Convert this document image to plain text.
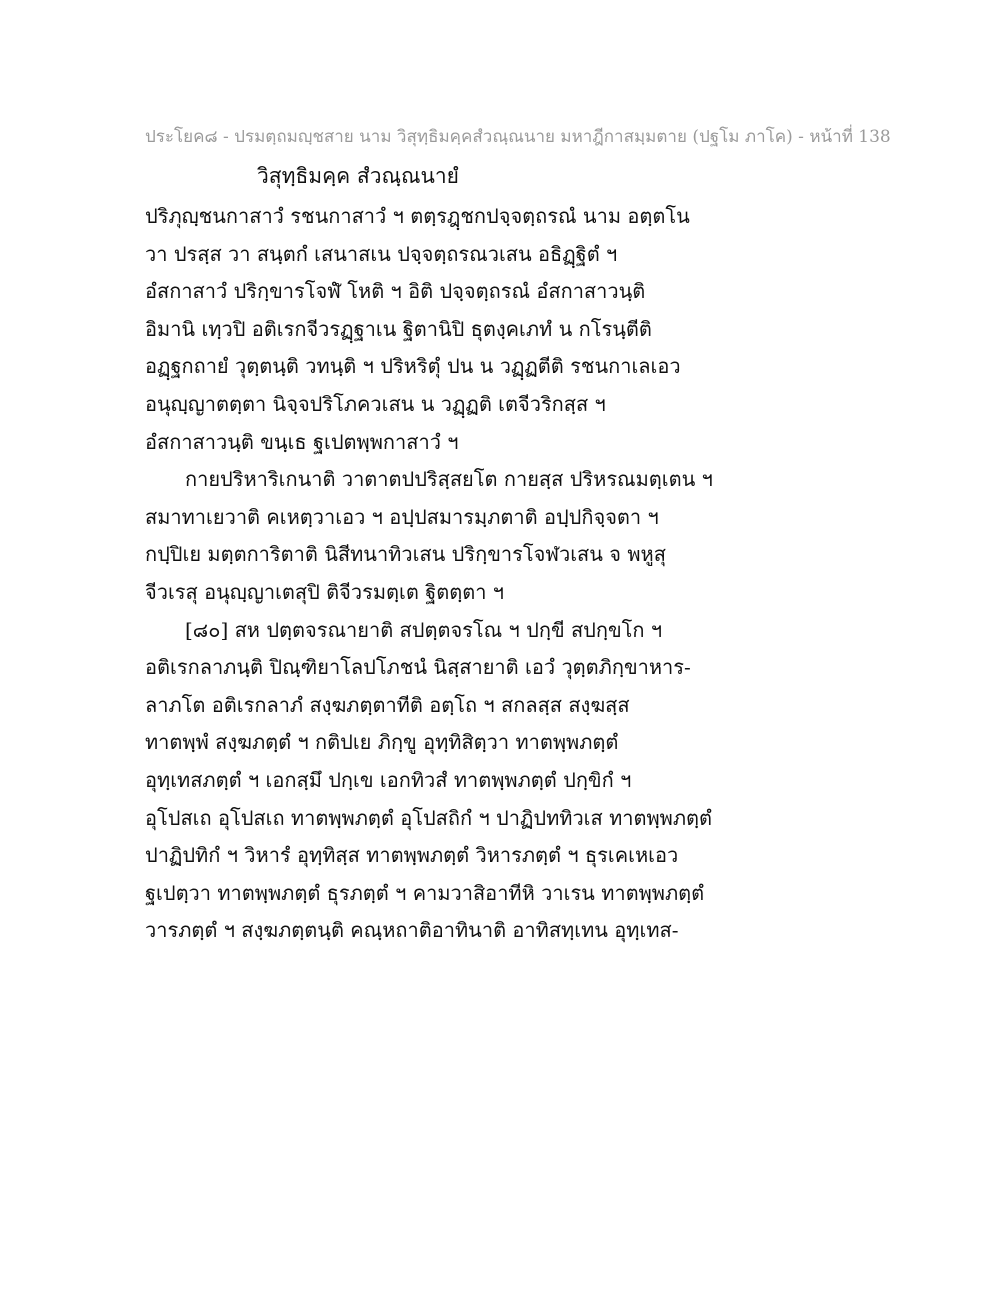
ประโยค๘ - ปรมตฺถมญฺชสาย นาม วิสุทฺธิมคฺคสํวณฺณนาย มหาฎีกาสมฺมตาย (ปฐโม ภาโค) - หน้าที่ 138
วิสุทฺธิมคฺค สํวณฺณนายํ
ปริภุญฺชนกาสาวํ รชนกาสาวํ ฯ ตตฺรฎฺชกปจฺจตฺถรณํ นาม อตฺตโน
วา ปรสฺส วา สนฺตกํ เสนาสเน ปจฺจตฺถรณวเสน อธิฏฺฐิตํ ฯ
อํสกาสาวํ ปริกฺขารโจฬํ โหติ ฯ อิติ ปจฺจตฺถรณํ อํสกาสาวนฺติ
อิมานิ เทฺวปิ อติเรกจีวรฏฺฐาเน ฐิตานิปิ ธุตงฺคเภทํ น กโรนฺตีติ
อฏฺฐกถายํ วุตฺตนฺติ วทนฺติ ฯ ปริหริตุํ ปน น วฏฺฏตีติ รชนกาเลเอว
อนุญฺญาตตฺตา นิจฺจปริโภควเสน น วฏฺฏติ เตจีวริกสฺส ฯ
อํสกาสาวนฺติ ขนฺเธ ฐเปตพฺพกาสาวํ ฯ
กายปริหาริเกนาติ วาตาตปปริสฺสยโต กายสฺส ปริหรณมตฺเตน ฯ
สมาทาเยวาติ คเหตฺวาเอว ฯ อปฺปสมารมฺภตาติ อปฺปกิจฺจตา ฯ
กปฺปิเย มตฺตการิตาติ นิสีทนาทิวเสน ปริกฺขารโจฬวเสน จ พหูสุ
จีวเรสุ อนุญฺญาเตสุปิ ติจีวรมตฺเต ฐิตตฺตา ฯ
[๘๐] สห ปตฺตจรณายาติ สปตฺตจรโณ ฯ ปกฺขี สปกฺขโก ฯ
อติเรกลาภนฺติ ปิณฺฑิยาโลปโภชนํ นิสฺสายาติ เอวํ วุตฺตภิกฺขาหาร-
ลาภโต อติเรกลาภํ สงฺฆภตฺตาทีติ อตฺโถ ฯ สกลสฺส สงฺฆสฺส
ทาตพฺพํ สงฺฆภตฺตํ ฯ กติปเย ภิกฺขู อุทฺทิสิตฺวา ทาตพฺพภตฺตํ
อุทฺเทสภตฺตํ ฯ เอกสฺมึ ปกฺเข เอกทิวสํ ทาตพฺพภตฺตํ ปกฺขิกํ ฯ
อุโปสเถ อุโปสเถ ทาตพฺพภตฺตํ อุโปสถิกํ ฯ ปาฏิปททิวเส ทาตพฺพภตฺตํ
ปาฏิปทิกํ ฯ วิหารํ อุทฺทิสฺส ทาตพฺพภตฺตํ วิหารภตฺตํ ฯ ธุรเคเหเอว
ฐเปตฺวา ทาตพฺพภตฺตํ ธุรภตฺตํ ฯ คามวาสิอาทีหิ วาเรน ทาตพฺพภตฺตํ
วารภตฺตํ ฯ สงฺฆภตฺตนฺติ คณฺหถาติอาทินาติ อาทิสทฺเทน อุทฺเทส-
